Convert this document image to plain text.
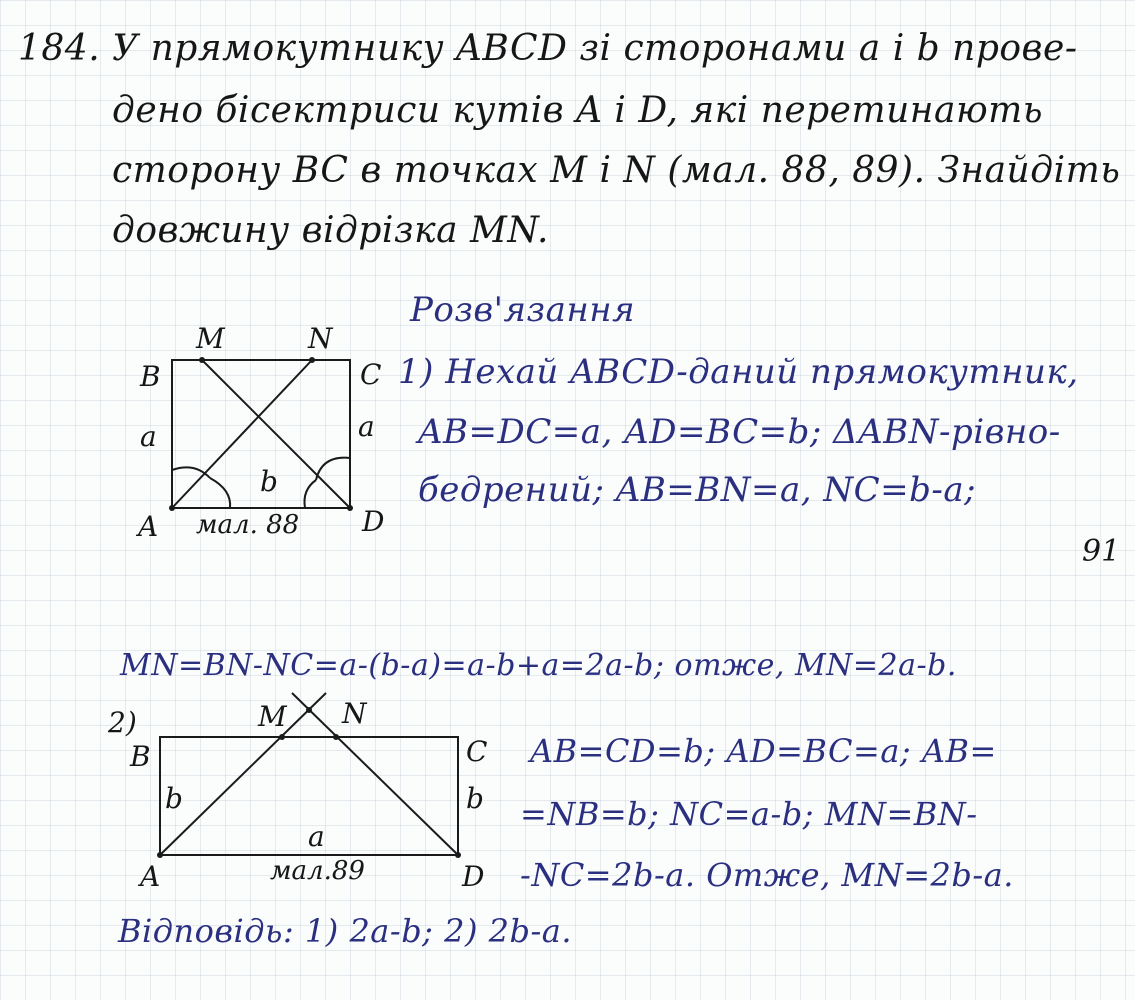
184. У прямокутнику ABCD зі сторонами a і b прове-
дено бісектриси кутів A і D, які перетинають
сторону BC в точках M і N (мал. 88, 89). Знайдіть
довжину відрізка MN.
Розв'язання
B
M	N
C
a	a
b
A	D
мал. 88
1) Нехай ABCD-даний прямокутник,
AB=DC=a, AD=BC=b; ΔABN-рівно-
бедрений; AB=BN=a, NC=b-a;
91
MN=BN-NC=a-(b-a)=a-b+a=2a-b; отже, MN=2a-b.
2)
B
M N
C
b	b
a
A	D
мал.89
AB=CD=b; AD=BC=a; AB=
=NB=b; NC=a-b; MN=BN-
-NC=2b-a. Отже, MN=2b-a.
Відповідь: 1) 2a-b; 2) 2b-a.
